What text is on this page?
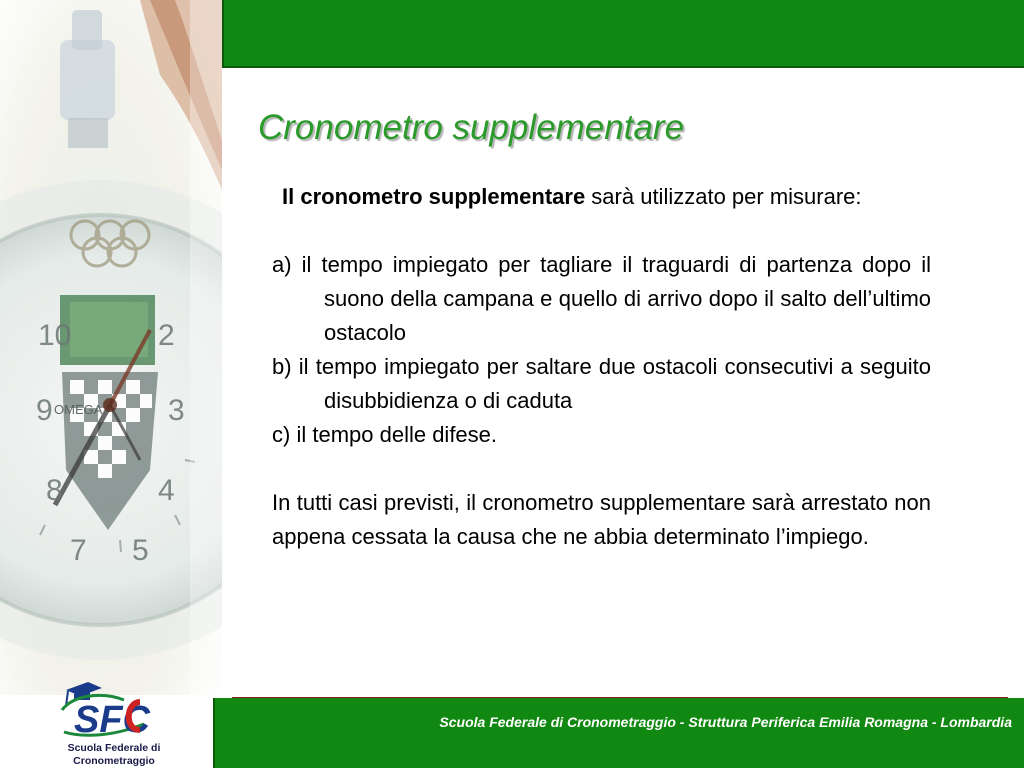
10	2
9	3
8	4
7 5
OMEGA
Cronometro supplementare
Il cronometro supplementare sarà utilizzato per misurare:
a) il tempo impiegato per tagliare il traguardi di partenza dopo il suono della campana e quello di arrivo dopo il salto dell’ultimo ostacolo
b) il tempo impiegato per saltare due ostacoli consecutivi a seguito disubbidienza o di caduta
c) il tempo delle difese.
In tutti casi previsti, il cronometro supplementare sarà arrestato non appena cessata la causa che ne abbia determinato l’impiego.
Scuola Federale di Cronometraggio - Struttura Periferica Emilia Romagna - Lombardia
SFC
Scuola Federale di
Cronometraggio
